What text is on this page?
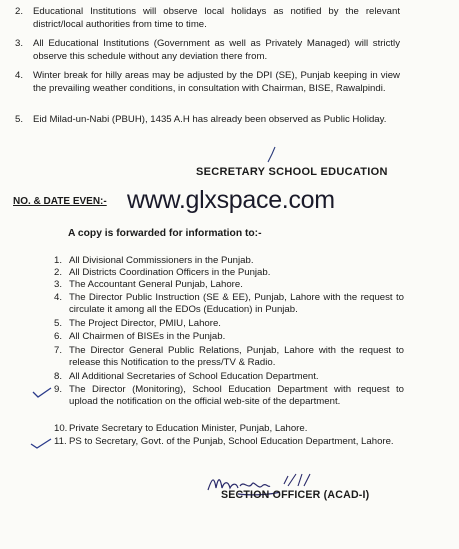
2. Educational Institutions will observe local holidays as notified by the relevant district/local authorities from time to time.
3. All Educational Institutions (Government as well as Privately Managed) will strictly observe this schedule without any deviation there from.
4. Winter break for hilly areas may be adjusted by the DPI (SE), Punjab keeping in view the prevailing weather conditions, in consultation with Chairman, BISE, Rawalpindi.
5. Eid Milad-un-Nabi (PBUH), 1435 A.H has already been observed as Public Holiday.
SECRETARY SCHOOL EDUCATION
NO. & DATE EVEN:- www.glxspace.com
A copy is forwarded for information to:-
1. All Divisional Commissioners in the Punjab.
2. All Districts Coordination Officers in the Punjab.
3. The Accountant General Punjab, Lahore.
4. The Director Public Instruction (SE & EE), Punjab, Lahore with the request to circulate it among all the EDOs (Education) in Punjab.
5. The Project Director, PMIU, Lahore.
6. All Chairmen of BISEs in the Punjab.
7. The Director General Public Relations, Punjab, Lahore with the request to release this Notification to the press/TV & Radio.
8. All Additional Secretaries of School Education Department.
9. The Director (Monitoring), School Education Department with request to upload the notification on the official web-site of the department.
10. Private Secretary to Education Minister, Punjab, Lahore.
11. PS to Secretary, Govt. of the Punjab, School Education Department, Lahore.
SECTION OFFICER (ACAD-I)
